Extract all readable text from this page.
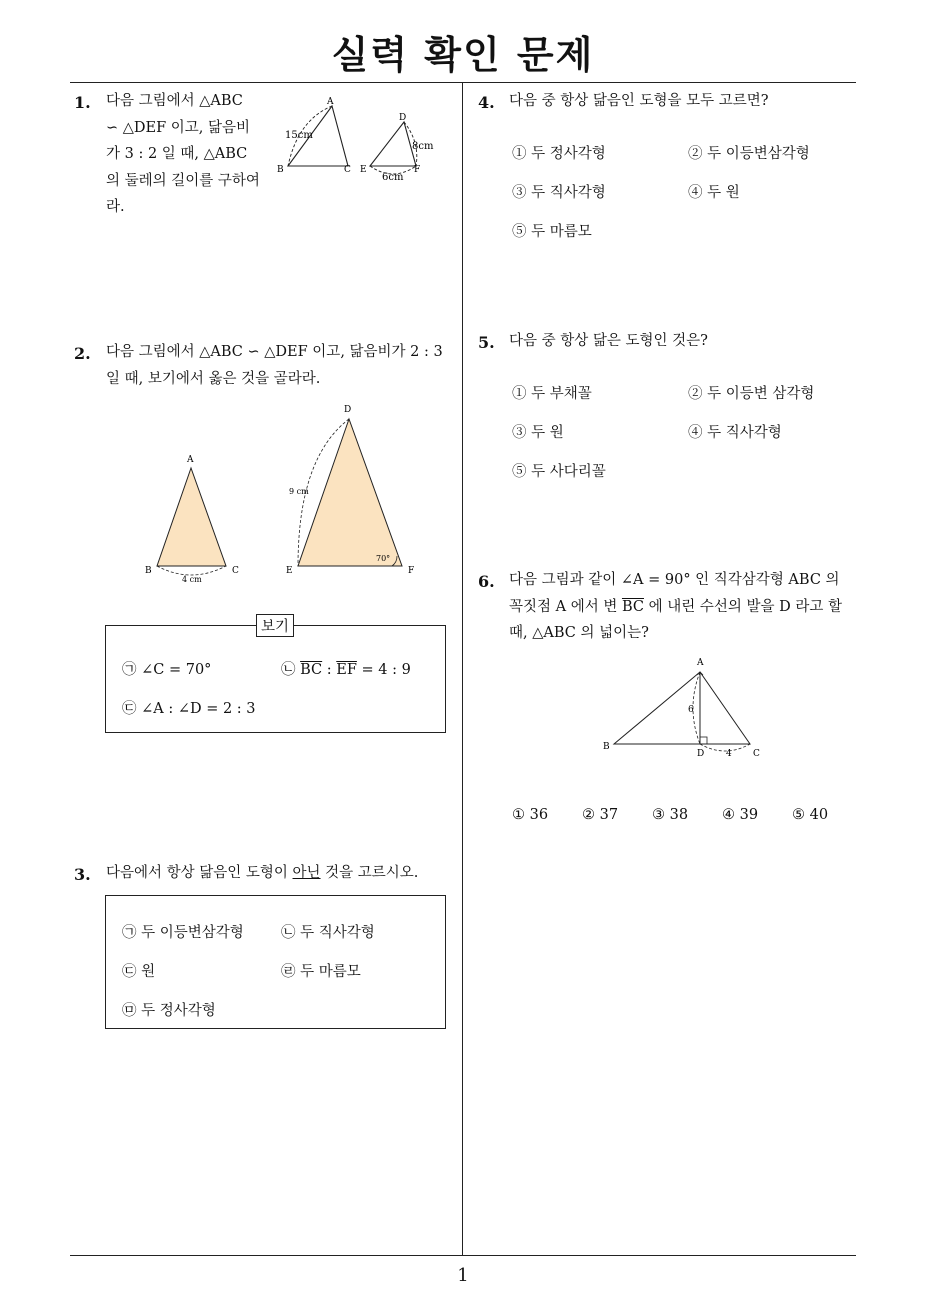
실력 확인 문제
1
1. 다음 그림에서 △ABC
∽ △DEF 이고, 닮음비
가 3 : 2 일 때, △ABC
의 둘레의 길이를 구하여
라.
A
B	C
15cm
D
E	F
8cm
6cm
2. 다음 그림에서 △ABC ∽ △DEF 이고, 닮음비가 2 : 3
일 때, 보기에서 옳은 것을 골라라.
A
B	C
4 cm
D
E	F
9 cm
70°
보기
㉠ ∠C = 70°	㉡ $\overline{BC}$ : $\overline{EF} = 4$ : 9
㉢ ∠A : ∠D = 2 : 3
3. 다음에서 항상 닮음인 도형이 아닌 것을 고르시오.
㉠ 두 이등변삼각형	㉡ 두 직사각형
㉢ 원	㉣ 두 마름모
㉤ 두 정사각형
4. 다음 중 항상 닮음인 도형을 모두 고르면?
① 두 정사각형	② 두 이등변삼각형
③ 두 직사각형	④ 두 원
⑤ 두 마름모
5. 다음 중 항상 닮은 도형인 것은?
① 두 부채꼴	② 두 이등변 삼각형
③ 두 원	④ 두 직사각형
⑤ 두 사다리꼴
6. 다음 그림과 같이 ∠A = 90° 인 직각삼각형 ABC 의
꼭짓점 A 에서 변 $\overline{BC}$ 에 내린 수선의 발을 D 라고 할
때, △ABC 의 넓이는?
A
B
C
D
6
4
① 36 ② 37 ③ 38 ④ 39 ⑤ 40
